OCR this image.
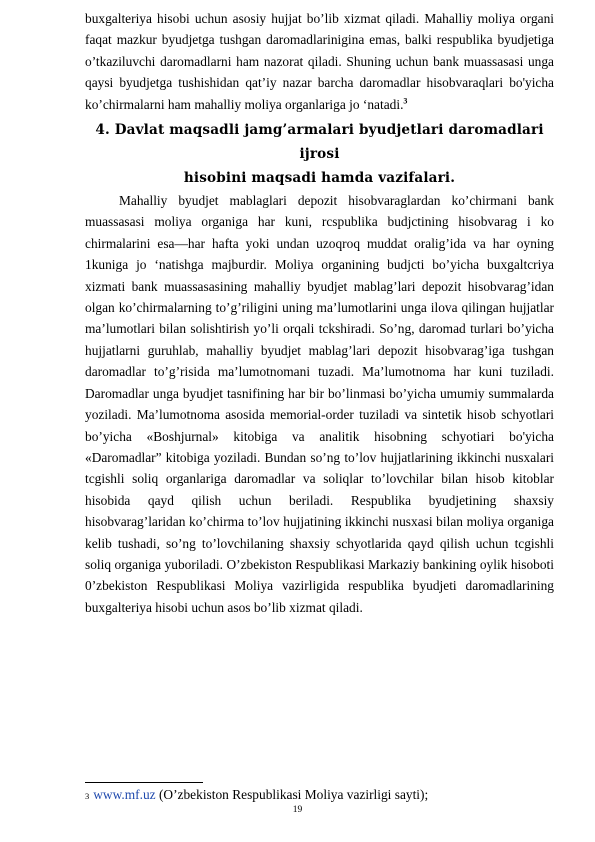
buxgalteriya hisobi uchun asosiy hujjat bo’lib xizmat qiladi. Mahalliy moliya organi faqat mazkur byudjetga tushgan daromadlarinigina emas, balki respublika byudjetiga o’tkaziluvchi daromadlarni ham nazorat qiladi. Shuning uchun bank muassasasi unga qaysi byudjetga tushishidan qat’iy nazar barcha daromadlar hisobvaraqlari bo'yicha ko’chirmalarni ham mahalliy moliya organlariga jo ‘natadi.$^3$

4. Davlat maqsadli jamg’armalari byudjetlari daromadlari ijrosi
hisobini maqsadi hamda vazifalari.

Mahalliy byudjet mablaglari depozit hisobvaraglardan ko’chirmani bank muassasasi moliya organiga har kuni, rcspublika budjctining hisobvarag i ko chirmalarini esa—har hafta yoki undan uzoqroq muddat oralig’ida va har oyning 1kuniga jo ‘natishga majburdir. Moliya organining budjcti bo’yicha buxgaltcriya xizmati bank muassasasining mahalliy byudjet mablag’lari depozit hisobvarag’idan olgan ko’chirmalarning to’g’riligini uning ma’lumotlarini unga ilova qilingan hujjatlar ma’lumotlari bilan solishtirish yo’li orqali tckshiradi. So’ng, daromad turlari bo’yicha hujjatlarni guruhlab, mahalliy byudjet mablag’lari depozit hisobvarag’iga tushgan daromadlar to’g’risida ma’lumotnomani tuzadi. Ma’lumotnoma har kuni tuziladi. Daromadlar unga byudjet tasnifining har bir bo’linmasi bo’yicha umumiy summalarda yoziladi. Ma’lumotnoma asosida memorial-order tuziladi va sintetik hisob schyotlari bo’yicha «Boshjurnal» kitobiga va analitik hisobning schyotiari bo'yicha «Daromadlar” kitobiga yoziladi. Bundan so’ng to’lov hujjatlarining ikkinchi nusxalari tcgishli soliq organlariga daromadlar va soliqlar to’lovchilar bilan hisob kitoblar hisobida qayd qilish uchun beriladi. Respublika byudjetining shaxsiy hisobvarag’laridan ko’chirma to’lov hujjatining ikkinchi nusxasi bilan moliya organiga kelib tushadi, so’ng to’lovchilaning shaxsiy schyotlarida qayd qilish uchun tcgishli soliq organiga yuboriladi. O’zbekiston Respublikasi Markaziy bankining oylik hisoboti 0’zbekiston Respublikasi Moliya vazirligida respublika byudjeti daromadlarining buxgalteriya hisobi uchun asos bo’lib xizmat qiladi.

3 www.mf.uz (O’zbekiston Respublikasi Moliya vazirligi sayti);
19
